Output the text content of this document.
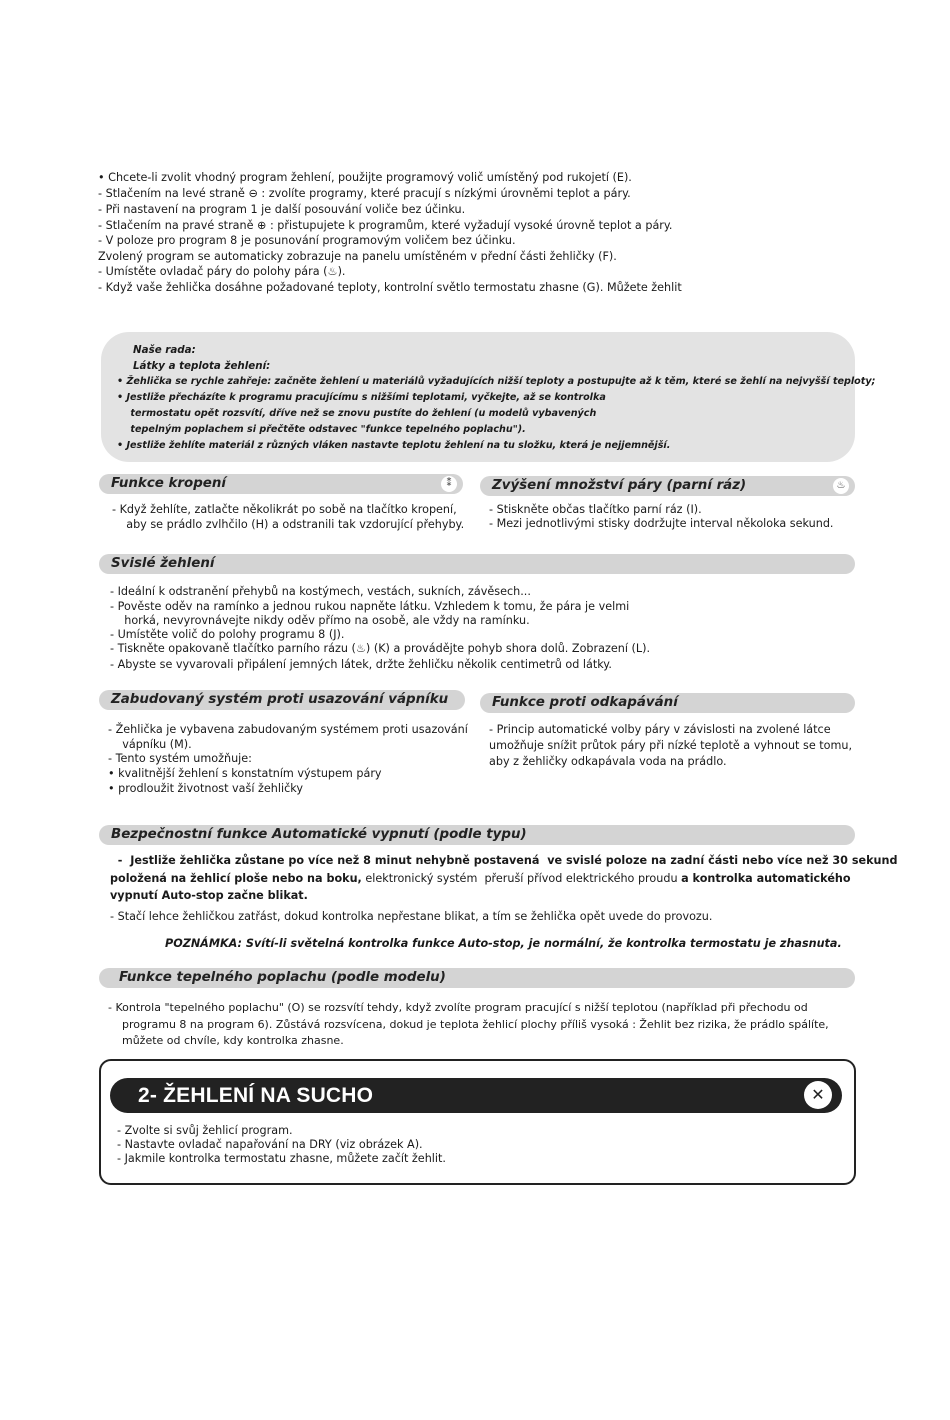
• Chcete-li zvolit vhodný program žehlení, použijte programový volič umístěný pod rukojetí (E).
- Stlačením na levé straně ⊖ : zvolíte programy, které pracují s nízkými úrovněmi teplot a páry.
- Při nastavení na program 1 je další posouvání voliče bez účinku.
- Stlačením na pravé straně ⊕ : přistupujete k programům, které vyžadují vysoké úrovně teplot a páry.
- V poloze pro program 8 je posunování programovým voličem bez účinku.
Zvolený program se automaticky zobrazuje na panelu umístěném v přední části žehličky (F).
- Umístěte ovladač páry do polohy pára (♨).
- Když vaše žehlička dosáhne požadované teploty, kontrolní světlo termostatu zhasne (G). Můžete žehlit
Naše rada:
Látky a teplota žehlení:
• Žehlička se rychle zahřeje: začněte žehlení u materiálů vyžadujících nižší teploty a postupujte až k těm, které se žehlí na nejvyšší teploty;
• Jestliže přecházíte k programu pracujícímu s nižšími teplotami, vyčkejte, až se kontrolka
termostatu opět rozsvítí, dříve než se znovu pustíte do žehlení (u modelů vybavených
tepelným poplachem si přečtěte odstavec "funkce tepelného poplachu").
• Jestliže žehlíte materiál z různých vláken nastavte teplotu žehlení na tu složku, která je nejjemnější.
Funkce kropení	⁑
- Když žehlíte, zatlačte několikrát po sobě na tlačítko kropení,
aby se prádlo zvlhčilo (H) a odstranili tak vzdorující přehyby.
Zvýšení množství páry (parní ráz)	♨
- Stiskněte občas tlačítko parní ráz (I).
- Mezi jednotlivými stisky dodržujte interval několoka sekund.
Svislé žehlení
- Ideální k odstranění přehybů na kostýmech, vestách, sukních, závěsech...
- Pověste oděv na ramínko a jednou rukou napněte látku. Vzhledem k tomu, že pára je velmi
horká, nevyrovnávejte nikdy oděv přímo na osobě, ale vždy na ramínku.
- Umístěte volič do polohy programu 8 (J).
- Tiskněte opakovaně tlačítko parního rázu (♨) (K) a provádějte pohyb shora dolů. Zobrazení (L).
- Abyste se vyvarovali připálení jemných látek, držte žehličku několik centimetrů od látky.
Zabudovaný systém proti usazování vápníku
- Žehlička je vybavena zabudovaným systémem proti usazování
vápníku (M).
- Tento systém umožňuje:
• kvalitnější žehlení s konstatním výstupem páry
• prodloužit životnost vaší žehličky
Funkce proti odkapávání
- Princip automatické volby páry v závislosti na zvolené látce
umožňuje snížit průtok páry při nízké teplotě a vyhnout se tomu,
aby z žehličky odkapávala voda na prádlo.
Bezpečnostní funkce Automatické vypnutí (podle typu)
-  Jestliže žehlička zůstane po více než 8 minut nehybně postavená  ve svislé poloze na zadní části nebo více než 30 sekund
položená na žehlicí ploše nebo na boku, elektronický systém  přeruší přívod elektrického proudu a kontrolka automatického
vypnutí Auto-stop začne blikat.
- Stačí lehce žehličkou zatřást, dokud kontrolka nepřestane blikat, a tím se žehlička opět uvede do provozu.
POZNÁMKA: Svítí-li světelná kontrolka funkce Auto-stop, je normální, že kontrolka termostatu je zhasnuta.
Funkce tepelného poplachu (podle modelu)
- Kontrola "tepelného poplachu" (O) se rozsvítí tehdy, když zvolíte program pracující s nižší teplotou (například při přechodu od
programu 8 na program 6). Zůstává rozsvícena, dokud je teplota žehlicí plochy příliš vysoká : Žehlit bez rizika, že prádlo spálíte,
můžete od chvíle, kdy kontrolka zhasne.
2- ŽEHLENÍ NA SUCHO	✕
- Zvolte si svůj žehlicí program.
- Nastavte ovladač napařování na DRY (viz obrázek A).
- Jakmile kontrolka termostatu zhasne, můžete začít žehlit.
